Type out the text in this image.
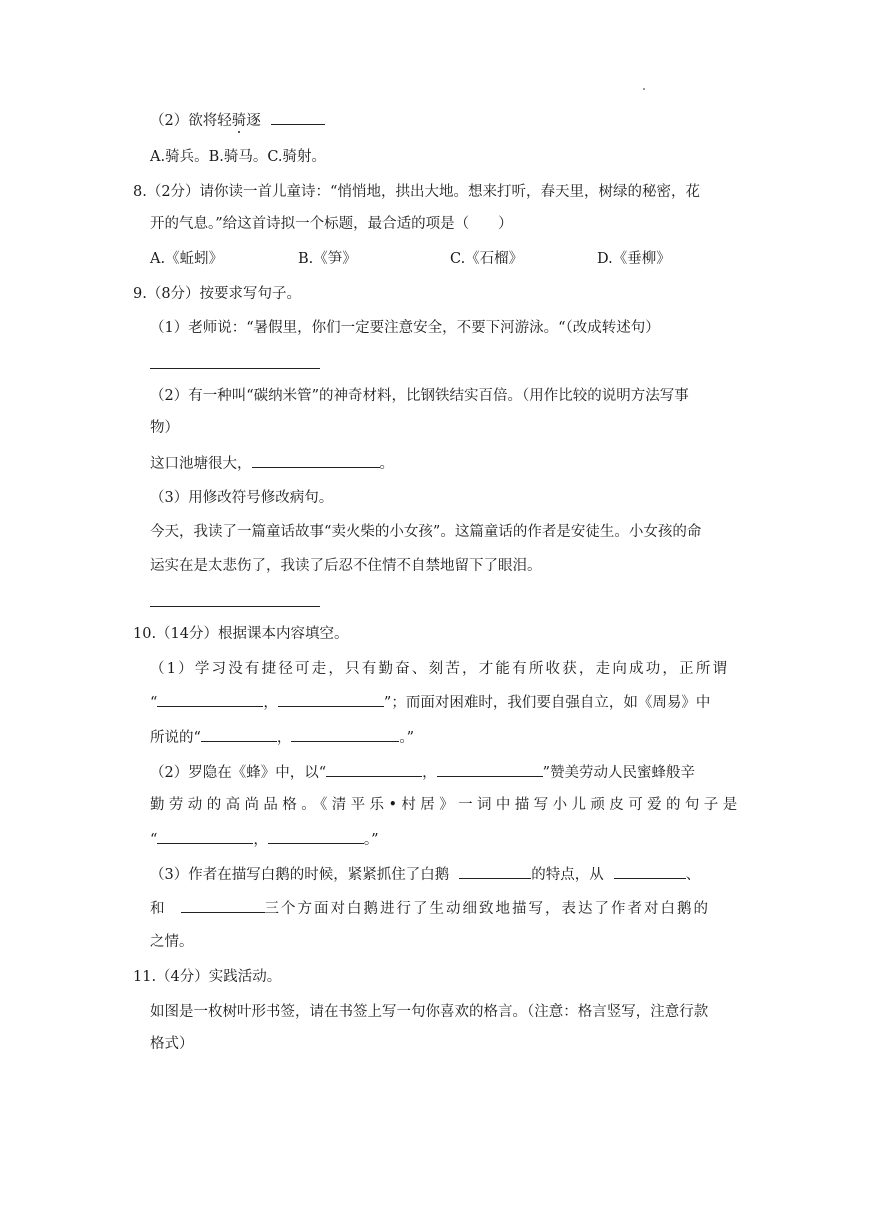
（2）欲将轻骑逐
A.骑兵。B.骑马。C.骑射。
8.（2分）请你读一首儿童诗：“悄悄地，拱出大地。想来打听，春天里，树绿的秘密，花
开的气息。”给这首诗拟一个标题，最合适的项是（　　）
A.《蚯蚓》	B.《笋》	C.《石榴》	D.《垂柳》
9.（8分）按要求写句子。
（1）老师说：“暑假里，你们一定要注意安全，不要下河游泳。“（改成转述句）
（2）有一种叫“碳纳米管”的神奇材料，比钢铁结实百倍。（用作比较的说明方法写事
物）
这口池塘很大，	。
（3）用修改符号修改病句。
今天，我读了一篇童话故事“卖火柴的小女孩”。这篇童话的作者是安徒生。小女孩的命
运实在是太悲伤了，我读了后忍不住情不自禁地留下了眼泪。
10.（14分）根据课本内容填空。
（1）学习没有捷径可走，只有勤奋、刻苦，才能有所收获，走向成功，正所谓
“	，	”；而面对困难时，我们要自强自立，如《周易》中
所说的“	，	。”
（2）罗隐在《蜂》中，以“	，	”赞美劳动人民蜜蜂般辛
勤劳动的高尚品格。《清平乐•村居》一词中描写小儿顽皮可爱的句子是
“	，	。”
（3）作者在描写白鹅的时候，紧紧抓住了白鹅	的特点，从	、
和	三个方面对白鹅进行了生动细致地描写，表达了作者对白鹅的
之情。
11.（4分）实践活动。
如图是一枚树叶形书签，请在书签上写一句你喜欢的格言。（注意：格言竖写，注意行款
格式）
